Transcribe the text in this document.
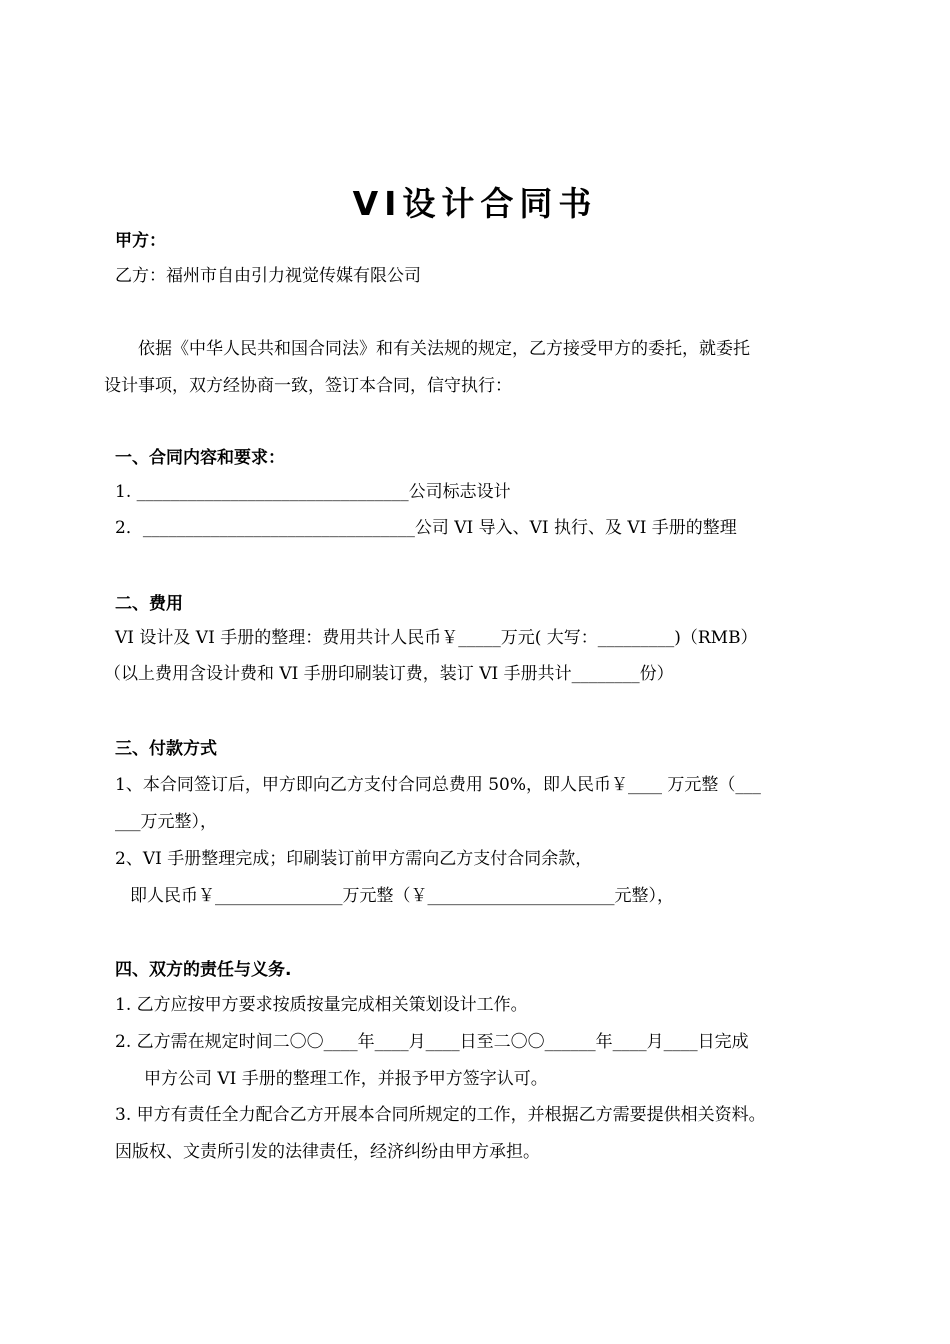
VI设计合同书
甲方：
乙方：福州市自由引力视觉传媒有限公司
依据《中华人民共和国合同法》和有关法规的规定，乙方接受甲方的委托，就委托
设计事项，双方经协商一致，签订本合同，信守执行：
一、合同内容和要求：
1. ________________________________公司标志设计
2．________________________________公司 VI 导入、VI 执行、及 VI 手册的整理
二、费用
VI 设计及 VI 手册的整理：费用共计人民币￥_____万元( 大写：_________)（RMB）
（以上费用含设计费和 VI 手册印刷装订费，装订 VI 手册共计________份）
三、付款方式
1、本合同签订后，甲方即向乙方支付合同总费用 50%，即人民币￥____ 万元整（___
___万元整），
2、VI 手册整理完成；印刷装订前甲方需向乙方支付合同余款，
即人民币￥_______________万元整（￥______________________元整），
四、双方的责任与义务.
1. 乙方应按甲方要求按质按量完成相关策划设计工作。
2. 乙方需在规定时间二〇〇____年____月____日至二〇〇______年____月____日完成
甲方公司 VI 手册的整理工作，并报予甲方签字认可。
3. 甲方有责任全力配合乙方开展本合同所规定的工作，并根据乙方需要提供相关资料。
因版权、文责所引发的法律责任，经济纠纷由甲方承担。
